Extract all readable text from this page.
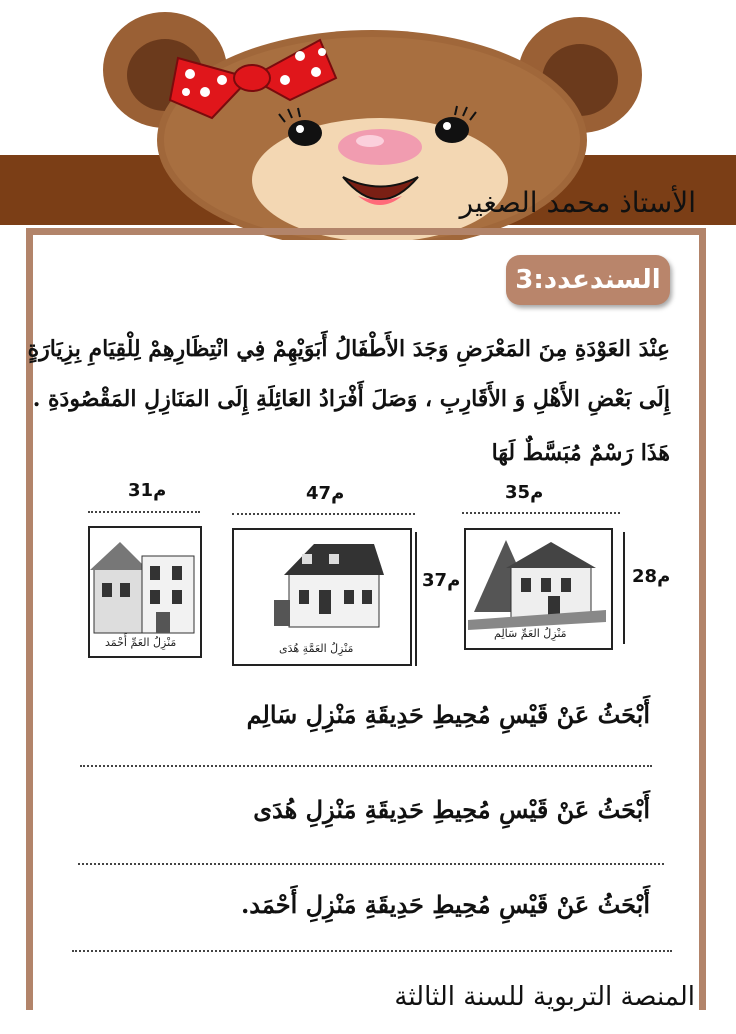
الأستاذ محمد الصغير
السندعدد:3
عِنْدَ العَوْدَةِ مِنَ المَعْرَضِ وَجَدَ الأَطْفَالُ أَبَوَيْهِمْ فِي انْتِظَارِهِمْ لِلْقِيَامِ بِزِيَارَةٍ
إِلَى بَعْضِ الأَهْلِ وَ الأَقَارِبِ ، وَصَلَ أَفْرَادُ العَائِلَةِ إِلَى المَنَازِلِ المَقْصُودَةِ .
هَذَا رَسْمٌ مُبَسَّطٌ لَهَا
35م
مَنْزِلُ العَمِّ سَالِم
28م
47م
مَنْزِلُ العَمَّةِ هُدَى
37م
31م
مَنْزِلُ العَمِّ أَحْمَد
أَبْحَثُ عَنْ قَيْسِ مُحِيطِ حَدِيقَةِ مَنْزِلِ سَالِم
أَبْحَثُ عَنْ قَيْسِ مُحِيطِ حَدِيقَةِ مَنْزِلِ هُدَى
أَبْحَثُ عَنْ قَيْسِ مُحِيطِ حَدِيقَةِ مَنْزِلِ أَحْمَد.
المنصة التربوية للسنة الثالثة
